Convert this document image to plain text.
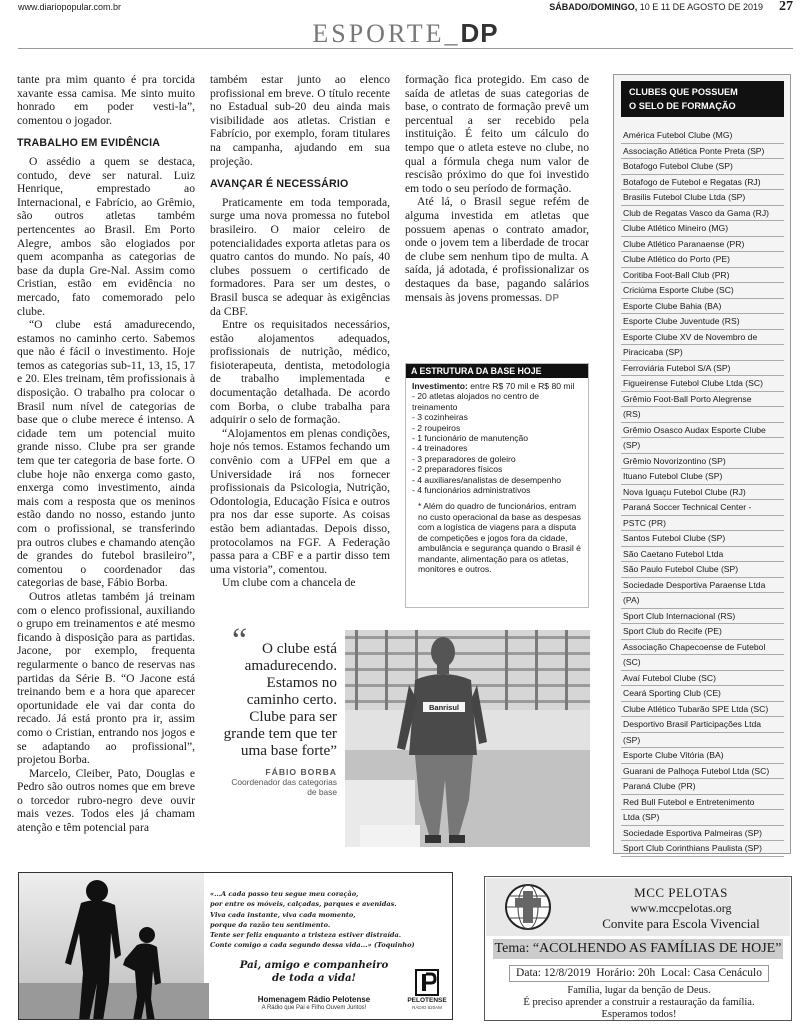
www.diariopopular.com.br	SÁBADO/DOMINGO, 10 E 11 DE AGOSTO DE 2019 27
ESPORTE_DP

tante pra mim quanto é pra torcida xavante essa camisa. Me sinto muito honrado em poder vesti-la”, comentou o jogador.

TRABALHO EM EVIDÊNCIA

O assédio a quem se destaca, contudo, deve ser natural. Luiz Henrique, emprestado ao Internacional, e Fabrício, ao Grêmio, são outros atletas também pertencentes ao Brasil. Em Porto Alegre, ambos são elogiados por quem acompanha as categorias de base da dupla Gre-Nal. Assim como Cristian, estão em evidência no mercado, fato comemorado pelo clube.

“O clube está amadurecendo, estamos no caminho certo. Sabemos que não é fácil o investimento. Hoje temos as categorias sub-11, 13, 15, 17 e 20. Eles treinam, têm profissionais à disposição. O trabalho pra colocar o Brasil num nível de categorias de base que o clube merece é intenso. A cidade tem um potencial muito grande nisso. Clube pra ser grande tem que ter categoria de base forte. O clube hoje não enxerga como gasto, enxerga como investimento, ainda mais com a resposta que os meninos estão dando no nosso, estando junto com o profissional, se transferindo pra outros clubes e chamando atenção de grandes do futebol brasileiro”, comentou o coordenador das categorias de base, Fábio Borba.

Outros atletas também já treinam com o elenco profissional, auxiliando o grupo em treinamentos e até mesmo ficando à disposição para as partidas. Jacone, por exemplo, frequenta regularmente o banco de reservas nas partidas da Série B. “O Jacone está treinando bem e a hora que aparecer oportunidade ele vai dar conta do recado. Já está pronto pra ir, assim como o Cristian, entrando nos jogos e se adaptando ao profissional”, projetou Borba.

Marcelo, Cleiber, Pato, Douglas e Pedro são outros nomes que em breve o torcedor rubro-negro deve ouvir mais vezes. Todos eles já chamam atenção e têm potencial para

também estar junto ao elenco profissional em breve. O título recente no Estadual sub-20 deu ainda mais visibilidade aos atletas. Cristian e Fabrício, por exemplo, foram titulares na campanha, ajudando em sua projeção.

AVANÇAR É NECESSÁRIO

Praticamente em toda temporada, surge uma nova promessa no futebol brasileiro. O maior celeiro de potencialidades exporta atletas para os quatro cantos do mundo. No país, 40 clubes possuem o certificado de formadores. Para ser um destes, o Brasil busca se adequar às exigências da CBF.

Entre os requisitados necessários, estão alojamentos adequados, profissionais de nutrição, médico, fisioterapeuta, dentista, metodologia de trabalho implementada e documentação detalhada. De acordo com Borba, o clube trabalha para adquirir o selo de formação.

“Alojamentos em plenas condições, hoje nós temos. Estamos fechando um convênio com a UFPel em que a Universidade irá nos fornecer profissionais da Psicologia, Nutrição, Odontologia, Educação Física e outros pra nos dar esse suporte. As coisas estão bem adiantadas. Depois disso, protocolamos na FGF. A Federação passa para a CBF e a partir disso tem uma vistoria”, comentou.

Um clube com a chancela de

formação fica protegido. Em caso de saída de atletas de suas categorias de base, o contrato de formação prevê um percentual a ser recebido pela instituição. É feito um cálculo do tempo que o atleta esteve no clube, no qual a fórmula chega num valor de rescisão próximo do que foi investido em todo o seu período de formação.

Até lá, o Brasil segue refém de alguma investida em atletas que possuem apenas o contrato amador, onde o jovem tem a liberdade de trocar de clube sem nenhum tipo de multa. A saída, já adotada, é profissionalizar os destaques da base, pagando salários mensais às jovens promessas. DP

A ESTRUTURA DA BASE HOJE
Investimento: entre R$ 70 mil e R$ 80 mil
- 20 atletas alojados no centro de treinamento
- 3 cozinheiras
- 2 roupeiros
- 1 funcionário de manutenção
- 4 treinadores
- 3 preparadores de goleiro
- 2 preparadores físicos
- 4 auxiliares/analistas de desempenho
- 4 funcionários administrativos
* Além do quadro de funcionários, entram no custo operacional da base as despesas com a logística de viagens para a disputa de competições e jogos fora da cidade, ambulância e segurança quando o Brasil é mandante, alimentação para os atletas, monitores e outros.
CLUBES QUE POSSUEM
O SELO DE FORMAÇÃO
América Futebol Clube (MG)
Associação Atlética Ponte Preta (SP)
Botafogo Futebol Clube (SP)
Botafogo de Futebol e Regatas (RJ)
Brasilis Futebol Clube Ltda (SP)
Club de Regatas Vasco da Gama (RJ)
Clube Atlético Mineiro (MG)
Clube Atlético Paranaense (PR)
Clube Atlético do Porto (PE)
Coritiba Foot-Ball Club (PR)
Criciúma Esporte Clube (SC)
Esporte Clube Bahia (BA)
Esporte Clube Juventude (RS)
Esporte Clube XV de Novembro de
Piracicaba (SP)
Ferroviária Futebol S/A (SP)
Figueirense Futebol Clube Ltda (SC)
Grêmio Foot-Ball Porto Alegrense
(RS)
Grêmio Osasco Audax Esporte Clube
(SP)
Grêmio Novorizontino (SP)
Ituano Futebol Clube (SP)
Nova Iguaçu Futebol Clube (RJ)
Paraná Soccer Technical Center -
PSTC (PR)
Santos Futebol Clube (SP)
São Caetano Futebol Ltda
São Paulo Futebol Clube (SP)
Sociedade Desportiva Paraense Ltda
(PA)
Sport Club Internacional (RS)
Sport Club do Recife (PE)
Associação Chapecoense de Futebol
(SC)
Avaí Futebol Clube (SC)
Ceará Sporting Club (CE)
Clube Atlético Tubarão SPE Ltda (SC)
Desportivo Brasil Participações Ltda
(SP)
Esporte Clube Vitória (BA)
Guarani de Palhoça Futebol Ltda (SC)
Paraná Clube (PR)
Red Bull Futebol e Entretenimento
Ltda (SP)
Sociedade Esportiva Palmeiras (SP)
Sport Club Corinthians Paulista (SP)
“ O clube está amadurecendo. Estamos no caminho certo. Clube para ser grande tem que ter uma base forte”
FÁBIO BORBA
Coordenador das categorias de base
Banrisul
«...A cada passo teu segue meu coração,
por entre os móveis, calçadas, parques e avenidas.
Viva cada instante, viva cada momento,
porque da razão teu sentimento.
Tente ser feliz enquanto a tristeza estiver distraída.
Conte comigo a cada segundo dessa vida...» (Toquinho)
Pai, amigo e companheiro
de toda a vida!
Homenagem Rádio Pelotense
A Rádio que Pai e Filho Ouvem Juntos!
PELOTENSE
RÁDIO 620AM
MCC PELOTAS
www.mccpelotas.org
Convite para Escola Vivencial
Tema: “ACOLHENDO AS FAMÍLIAS DE HOJE”
Data: 12/8/2019  Horário: 20h  Local: Casa Cenáculo
Família, lugar da benção de Deus.
É preciso aprender a construir a restauração da família.
Esperamos todos!
